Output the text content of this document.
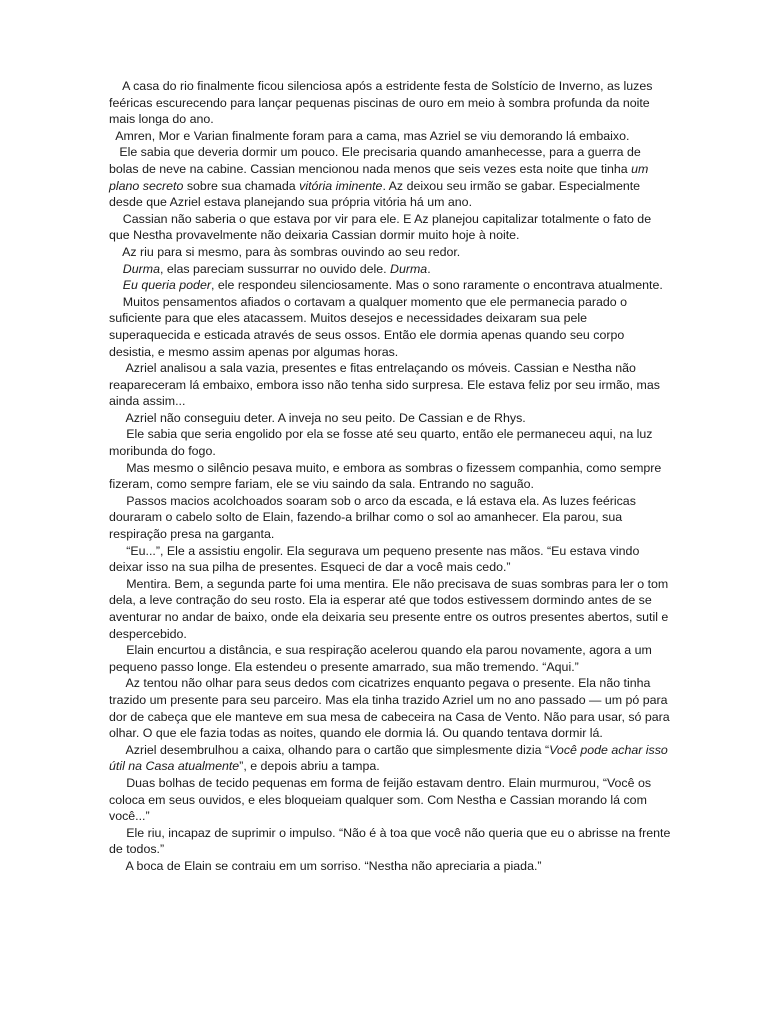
A casa do rio finalmente ficou silenciosa após a estridente festa de Solstício de Inverno, as luzes feéricas escurecendo para lançar pequenas piscinas de ouro em meio à sombra profunda da noite mais longa do ano.

Amren, Mor e Varian finalmente foram para a cama, mas Azriel se viu demorando lá embaixo.

Ele sabia que deveria dormir um pouco. Ele precisaria quando amanhecesse, para a guerra de bolas de neve na cabine. Cassian mencionou nada menos que seis vezes esta noite que tinha um plano secreto sobre sua chamada vitória iminente. Az deixou seu irmão se gabar. Especialmente desde que Azriel estava planejando sua própria vitória há um ano.

Cassian não saberia o que estava por vir para ele. E Az planejou capitalizar totalmente o fato de que Nestha provavelmente não deixaria Cassian dormir muito hoje à noite.

Az riu para si mesmo, para às sombras ouvindo ao seu redor.

Durma, elas pareciam sussurrar no ouvido dele. Durma.

Eu queria poder, ele respondeu silenciosamente. Mas o sono raramente o encontrava atualmente.

Muitos pensamentos afiados o cortavam a qualquer momento que ele permanecia parado o suficiente para que eles atacassem. Muitos desejos e necessidades deixaram sua pele superaquecida e esticada através de seus ossos. Então ele dormia apenas quando seu corpo desistia, e mesmo assim apenas por algumas horas.

Azriel analisou a sala vazia, presentes e fitas entrelaçando os móveis. Cassian e Nestha não reapareceram lá embaixo, embora isso não tenha sido surpresa. Ele estava feliz por seu irmão, mas ainda assim...

Azriel não conseguiu deter. A inveja no seu peito. De Cassian e de Rhys.

Ele sabia que seria engolido por ela se fosse até seu quarto, então ele permaneceu aqui, na luz moribunda do fogo.

Mas mesmo o silêncio pesava muito, e embora as sombras o fizessem companhia, como sempre fizeram, como sempre fariam, ele se viu saindo da sala. Entrando no saguão.

Passos macios acolchoados soaram sob o arco da escada, e lá estava ela. As luzes feéricas douraram o cabelo solto de Elain, fazendo-a brilhar como o sol ao amanhecer. Ela parou, sua respiração presa na garganta.

“Eu...”, Ele a assistiu engolir. Ela segurava um pequeno presente nas mãos. “Eu estava vindo deixar isso na sua pilha de presentes. Esqueci de dar a você mais cedo.”

Mentira. Bem, a segunda parte foi uma mentira. Ele não precisava de suas sombras para ler o tom dela, a leve contração do seu rosto. Ela ia esperar até que todos estivessem dormindo antes de se aventurar no andar de baixo, onde ela deixaria seu presente entre os outros presentes abertos, sutil e despercebido.

Elain encurtou a distância, e sua respiração acelerou quando ela parou novamente, agora a um pequeno passo longe. Ela estendeu o presente amarrado, sua mão tremendo. “Aqui.”

Az tentou não olhar para seus dedos com cicatrizes enquanto pegava o presente. Ela não tinha trazido um presente para seu parceiro. Mas ela tinha trazido Azriel um no ano passado — um pó para dor de cabeça que ele manteve em sua mesa de cabeceira na Casa de Vento. Não para usar, só para olhar. O que ele fazia todas as noites, quando ele dormia lá. Ou quando tentava dormir lá.

Azriel desembrulhou a caixa, olhando para o cartão que simplesmente dizia “Você pode achar isso útil na Casa atualmente”, e depois abriu a tampa.

Duas bolhas de tecido pequenas em forma de feijão estavam dentro. Elain murmurou, “Você os coloca em seus ouvidos, e eles bloqueiam qualquer som. Com Nestha e Cassian morando lá com você...”

Ele riu, incapaz de suprimir o impulso. “Não é à toa que você não queria que eu o abrisse na frente de todos.”

A boca de Elain se contraiu em um sorriso. “Nestha não apreciaria a piada.”
